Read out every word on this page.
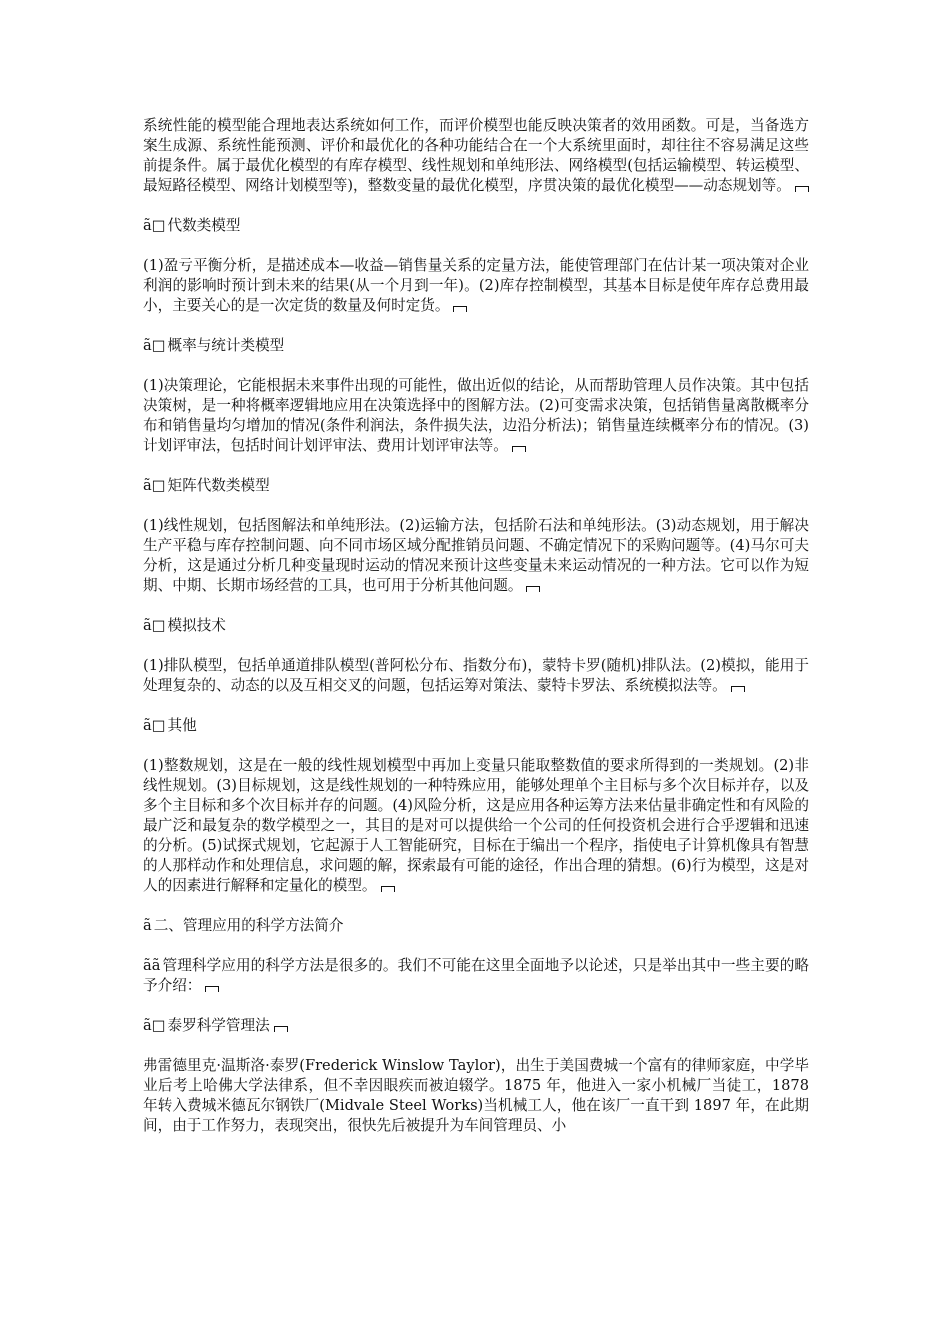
系统性能的模型能合理地表达系统如何工作，而评价模型也能反映决策者的效用函数。可是，当备选方案生成源、系统性能预测、评价和最优化的各种功能结合在一个大系统里面时，却往往不容易满足这些前提条件。属于最优化模型的有库存模型、线性规划和单纯形法、网络模型(包括运输模型、转运模型、最短路径模型、网络计划模型等)，整数变量的最优化模型，序贯决策的最优化模型——动态规划等。

ã□ 代数类模型

(1)盈亏平衡分析，是描述成本—收益—销售量关系的定量方法，能使管理部门在估计某一项决策对企业利润的影响时预计到未来的结果(从一个月到一年)。(2)库存控制模型，其基本目标是使年库存总费用最小，主要关心的是一次定货的数量及何时定货。

ã□ 概率与统计类模型

(1)决策理论，它能根据未来事件出现的可能性，做出近似的结论，从而帮助管理人员作决策。其中包括决策树，是一种将概率逻辑地应用在决策选择中的图解方法。(2)可变需求决策，包括销售量离散概率分布和销售量均匀增加的情况(条件利润法，条件损失法，边沿分析法)；销售量连续概率分布的情况。(3)计划评审法，包括时间计划评审法、费用计划评审法等。

ã□ 矩阵代数类模型

(1)线性规划，包括图解法和单纯形法。(2)运输方法，包括阶石法和单纯形法。(3)动态规划，用于解决生产平稳与库存控制问题、向不同市场区域分配推销员问题、不确定情况下的采购问题等。(4)马尔可夫分析，这是通过分析几种变量现时运动的情况来预计这些变量未来运动情况的一种方法。它可以作为短期、中期、长期市场经营的工具，也可用于分析其他问题。

ã□ 模拟技术

(1)排队模型，包括单通道排队模型(普阿松分布、指数分布)，蒙特卡罗(随机)排队法。(2)模拟，能用于处理复杂的、动态的以及互相交叉的问题，包括运筹对策法、蒙特卡罗法、系统模拟法等。

ã□ 其他

(1)整数规划，这是在一般的线性规划模型中再加上变量只能取整数值的要求所得到的一类规划。(2)非线性规划。(3)目标规划，这是线性规划的一种特殊应用，能够处理单个主目标与多个次目标并存，以及多个主目标和多个次目标并存的问题。(4)风险分析，这是应用各种运筹方法来估量非确定性和有风险的最广泛和最复杂的数学模型之一，其目的是对可以提供给一个公司的任何投资机会进行合乎逻辑和迅速的分析。(5)试探式规划，它起源于人工智能研究，目标在于编出一个程序，指使电子计算机像具有智慧的人那样动作和处理信息，求问题的解，探索最有可能的途径，作出合理的猜想。(6)行为模型，这是对人的因素进行解释和定量化的模型。

ã 二、管理应用的科学方法简介

ãã 管理科学应用的科学方法是很多的。我们不可能在这里全面地予以论述，只是举出其中一些主要的略予介绍：

ã□ 泰罗科学管理法

弗雷德里克·温斯洛·泰罗(Frederick Winslow Taylor)，出生于美国费城一个富有的律师家庭，中学毕业后考上哈佛大学法律系，但不幸因眼疾而被迫辍学。1875 年，他进入一家小机械厂当徒工，1878 年转入费城米德瓦尔钢铁厂(Midvale Steel Works)当机械工人，他在该厂一直干到 1897 年，在此期间，由于工作努力，表现突出，很快先后被提升为车间管理员、小
